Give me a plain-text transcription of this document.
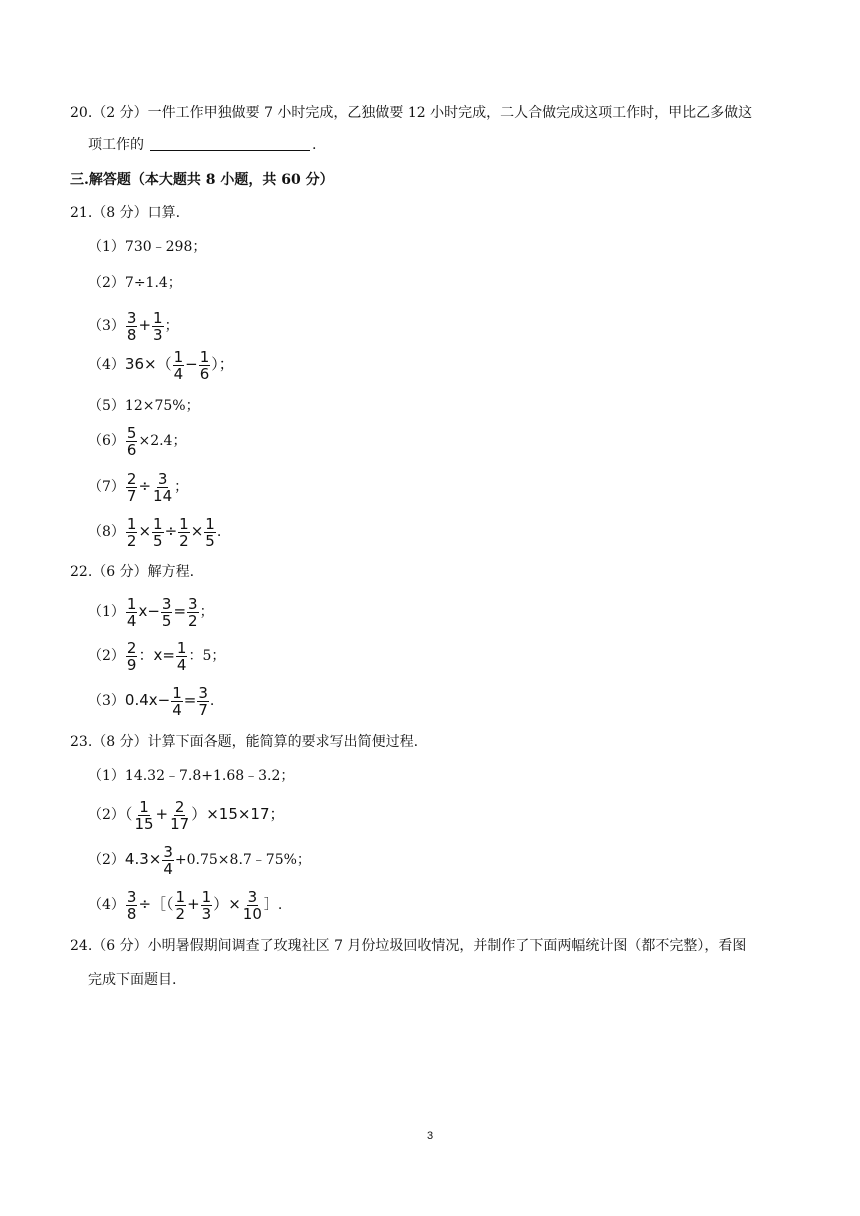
20.（2 分）一件工作甲独做要 7 小时完成，乙独做要 12 小时完成，二人合做完成这项工作时，甲比乙多做这
项工作的	.
三.解答题（本大题共 8 小题，共 60 分）
21.（8 分）口算.
（1）730﹣298；
（2）7÷1.4；
$(3) \frac{3}{8} + \frac{1}{3}$ ；
$(4)36\times( \frac{1}{4} - \frac{1}{6}$ ）；
（5）12×75%；
$(6) \frac{5}{6} \times 2.4$；
$(7) \frac{2}{7} \div \frac{3}{14}$ ；
$(8) \frac{1}{2} \times \frac{1}{5} \div \frac{1}{2} \times \frac{1}{5}$ .
22.（6 分）解方程.
$(1) \frac{1}{4} x- \frac{3}{5} = \frac{3}{2}$ ；
$(2) \frac{2}{9}$ ：$x= \frac{1}{4}$ ：5；
$(3)0.4x- \frac{1}{4} = \frac{3}{7}$ .
23.（8 分）计算下面各题，能简算的要求写出简便过程.
（1）14.32﹣7.8+1.68﹣3.2；
$(2)( \frac{1}{15} + \frac{2}{17} )\times 15\times 17$；
$(2)4.3\times \frac{3}{4}$ +0.75×8.7﹣75%；
$(4) \frac{3}{8}$ ÷［（ $\frac{1}{2} + \frac{1}{3}$ ）× $\frac{3}{10}$ ］.
24.（6 分）小明暑假期间调查了玫瑰社区 7 月份垃圾回收情况，并制作了下面两幅统计图（都不完整），看图
完成下面题目.
3
